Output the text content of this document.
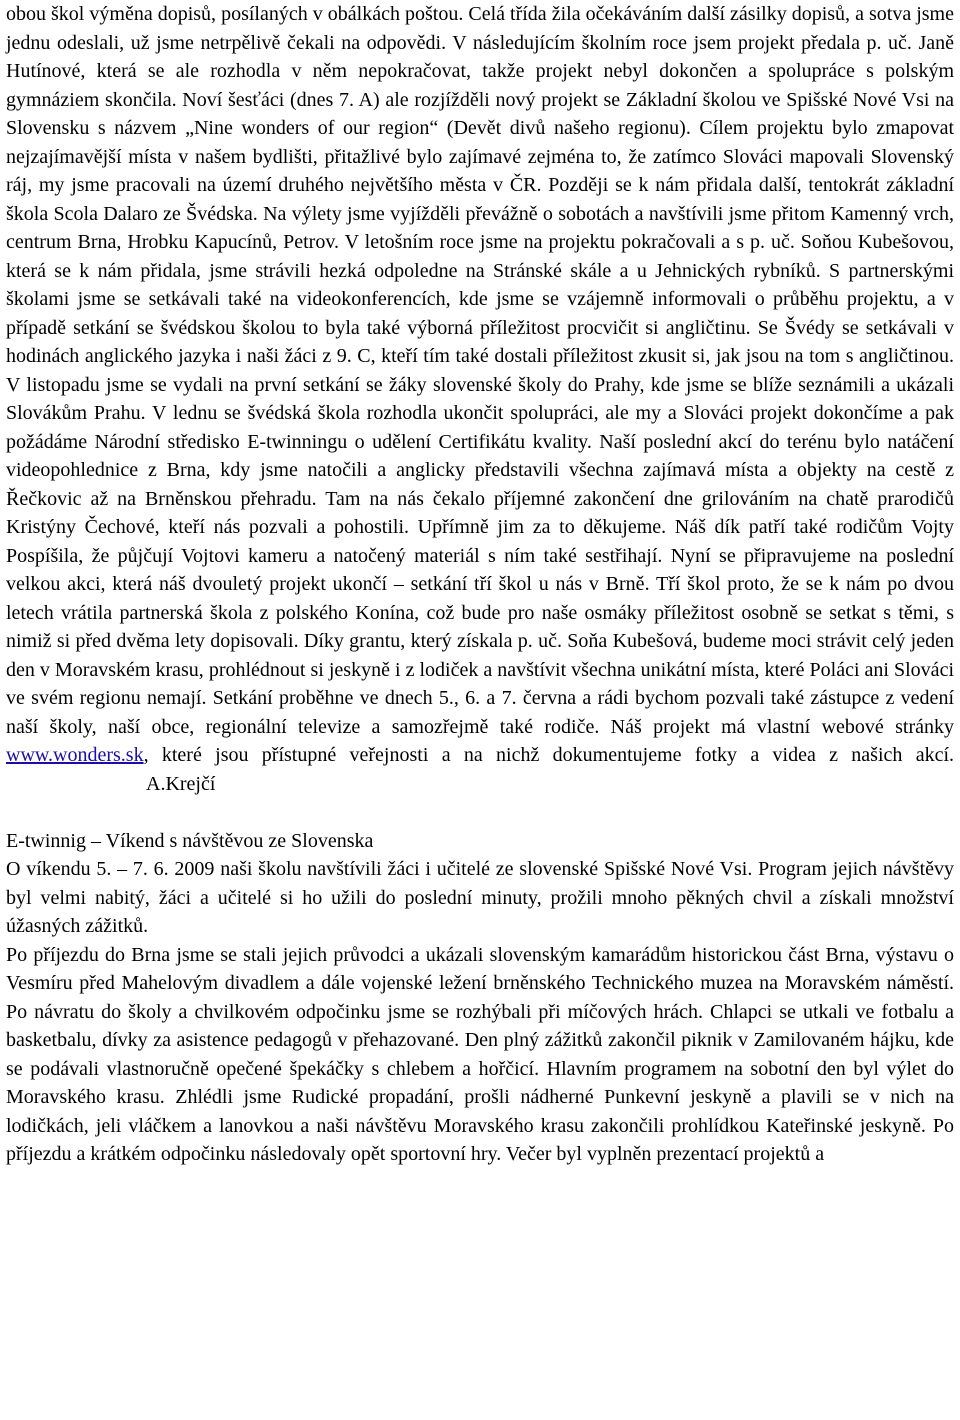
obou škol výměna dopisů, posílaných v obálkách poštou. Celá třída žila očekáváním další zásilky dopisů, a sotva jsme jednu odeslali, už jsme netrpělivě čekali na odpovědi. V následujícím školním roce jsem projekt předala p. uč. Janě Hutínové, která se ale rozhodla v něm nepokračovat, takže projekt nebyl dokončen a spolupráce s polským gymnáziem skončila. Noví šesťáci (dnes 7. A) ale rozjížděli nový projekt se Základní školou ve Spišské Nové Vsi na Slovensku s názvem „Nine wonders of our region“ (Devět divů našeho regionu). Cílem projektu bylo zmapovat nejzajímavější místa v našem bydlišti, přitažlivé bylo zajímavé zejména to, že zatímco Slováci mapovali Slovenský ráj, my jsme pracovali na území druhého největšího města v ČR. Později se k nám přidala další, tentokrát základní škola Scola Dalaro ze Švédska. Na výlety jsme vyjížděli převážně o sobotách a navštívili jsme přitom Kamenný vrch, centrum Brna, Hrobku Kapucínů, Petrov. V letošním roce jsme na projektu pokračovali a s p. uč. Soňou Kubešovou, která se k nám přidala, jsme strávili hezká odpoledne na Stránské skále a u Jehnických rybníků. S partnerskými školami jsme se setkávali také na videokonferencích, kde jsme se vzájemně informovali o průběhu projektu, a v případě setkání se švédskou školou to byla také výborná příležitost procvičit si angličtinu. Se Švédy se setkávali v hodinách anglického jazyka i naši žáci z 9. C, kteří tím také dostali příležitost zkusit si, jak jsou na tom s angličtinou. V listopadu jsme se vydali na první setkání se žáky slovenské školy do Prahy, kde jsme se blíže seznámili a ukázali Slovákům Prahu. V lednu se švédská škola rozhodla ukončit spolupráci, ale my a Slováci projekt dokončíme a pak požádáme Národní středisko E-twinningu o udělení Certifikátu kvality. Naší poslední akcí do terénu bylo natáčení videopohlednice z Brna, kdy jsme natočili a anglicky představili všechna zajímavá místa a objekty na cestě z Řečkovic až na Brněnskou přehradu. Tam na nás čekalo příjemné zakončení dne grilováním na chatě prarodičů Kristýny Čechové, kteří nás pozvali a pohostili. Upřímně jim za to děkujeme. Náš dík patří také rodičům Vojty Pospíšila, že půjčují Vojtovi kameru a natočený materiál s ním také sestřihají. Nyní se připravujeme na poslední velkou akci, která náš dvouletý projekt ukončí – setkání tří škol u nás v Brně. Tří škol proto, že se k nám po dvou letech vrátila partnerská škola z polského Konína, což bude pro naše osmáky příležitost osobně se setkat s těmi, s nimiž si před dvěma lety dopisovali. Díky grantu, který získala p. uč. Soňa Kubešová, budeme moci strávit celý jeden den v Moravském krasu, prohlédnout si jeskyně i z lodiček a navštívit všechna unikátní místa, které Poláci ani Slováci ve svém regionu nemají. Setkání proběhne ve dnech 5., 6. a 7. června a rádi bychom pozvali také zástupce z vedení naší školy, naší obce, regionální televize a samozřejmě také rodiče. Náš projekt má vlastní webové stránky www.wonders.sk, které jsou přístupné veřejnosti a na nichž dokumentujeme fotky a videa z našich akcí.A.Krejčí

E-twinnig – Víkend s návštěvou ze Slovenska

O víkendu 5. – 7. 6. 2009 naši školu navštívili žáci i učitelé ze slovenské Spišské Nové Vsi. Program jejich návštěvy byl velmi nabitý, žáci a učitelé si ho užili do poslední minuty, prožili mnoho pěkných chvil a získali množství úžasných zážitků.

Po příjezdu do Brna jsme se stali jejich průvodci a ukázali slovenským kamarádům historickou část Brna, výstavu o Vesmíru před Mahelovým divadlem a dále vojenské ležení brněnského Technického muzea na Moravském náměstí. Po návratu do školy a chvilkovém odpočinku jsme se rozhýbali při míčových hrách. Chlapci se utkali ve fotbalu a basketbalu, dívky za asistence pedagogů v přehazované. Den plný zážitků zakončil piknik v Zamilovaném hájku, kde se podávali vlastnoručně opečené špekáčky s chlebem a hořčicí. Hlavním programem na sobotní den byl výlet do Moravského krasu. Zhlédli jsme Rudické propadání, prošli nádherné Punkevní jeskyně a plavili se v nich na lodičkách, jeli vláčkem a lanovkou a naši návštěvu Moravského krasu zakončili prohlídkou Kateřinské jeskyně. Po příjezdu a krátkém odpočinku následovaly opět sportovní hry. Večer byl vyplněn prezentací projektů a
